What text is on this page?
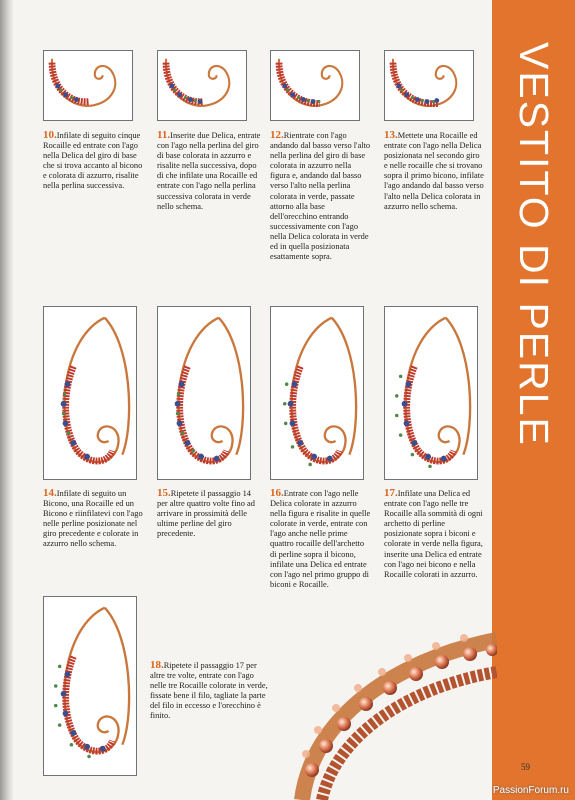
VESTITO DI PERLE

10.Infilate di seguito cinque Rocaille ed entrate con l'ago nella Delica del giro di base che si trova accanto al bicono e colorata di azzurro, risalite nella perlina successiva.

11.Inserite due Delica, entrate con l'ago nella perlina del giro di base colorata in azzurro e risalite nella successiva, dopo di che infilate una Rocaille ed entrate con l'ago nella perlina successiva colorata in verde nello schema.

12.Rientrate con l'ago andando dal basso verso l'alto nella perlina del giro di base colorata in azzurro nella figura e, andando dal basso verso l'alto nella perlina colorata in verde, passate attorno alla base dell'orecchino entrando successivamente con l'ago nella Delica colorata in verde ed in quella posizionata esattamente sopra.

13.Mettete una Rocaille ed entrate con l'ago nella Delica posizionata nel secondo giro e nelle rocaille che si trovano sopra il primo bicono, infilate l'ago andando dal basso verso l'alto nella Delica colorata in azzurro nello schema.

14.Infilate di seguito un Bicono, una Rocaille ed un Bicono e riinfilatevi con l'ago nelle perline posizionate nel giro precedente e colorate in azzurro nello schema.

15.Ripetete il passaggio 14 per altre quattro volte fino ad arrivare in prossimità delle ultime perline del giro precedente.

16.Entrate con l'ago nelle Delica colorate in azzurro nella figura e risalite in quelle colorate in verde, entrate con l'ago anche nelle prime quattro rocaille dell'archetto di perline sopra il bicono, infilate una Delica ed entrate con l'ago nel primo gruppo di biconi e Rocaille.

17.Infilate una Delica ed entrate con l'ago nelle tre Rocaille alla sommità di ogni archetto di perline posizionate sopra i biconi e colorate in verde nella figura, inserite una Delica ed entrate con l'ago nei bicono e nella Rocaille colorati in azzurro.

18.Ripetete il passaggio 17 per altre tre volte, entrate con l'ago nelle tre Rocaille colorate in verde, fissate bene il filo, tagliate la parte del filo in eccesso e l'orecchino è finito.

59
PassionForum.ru
